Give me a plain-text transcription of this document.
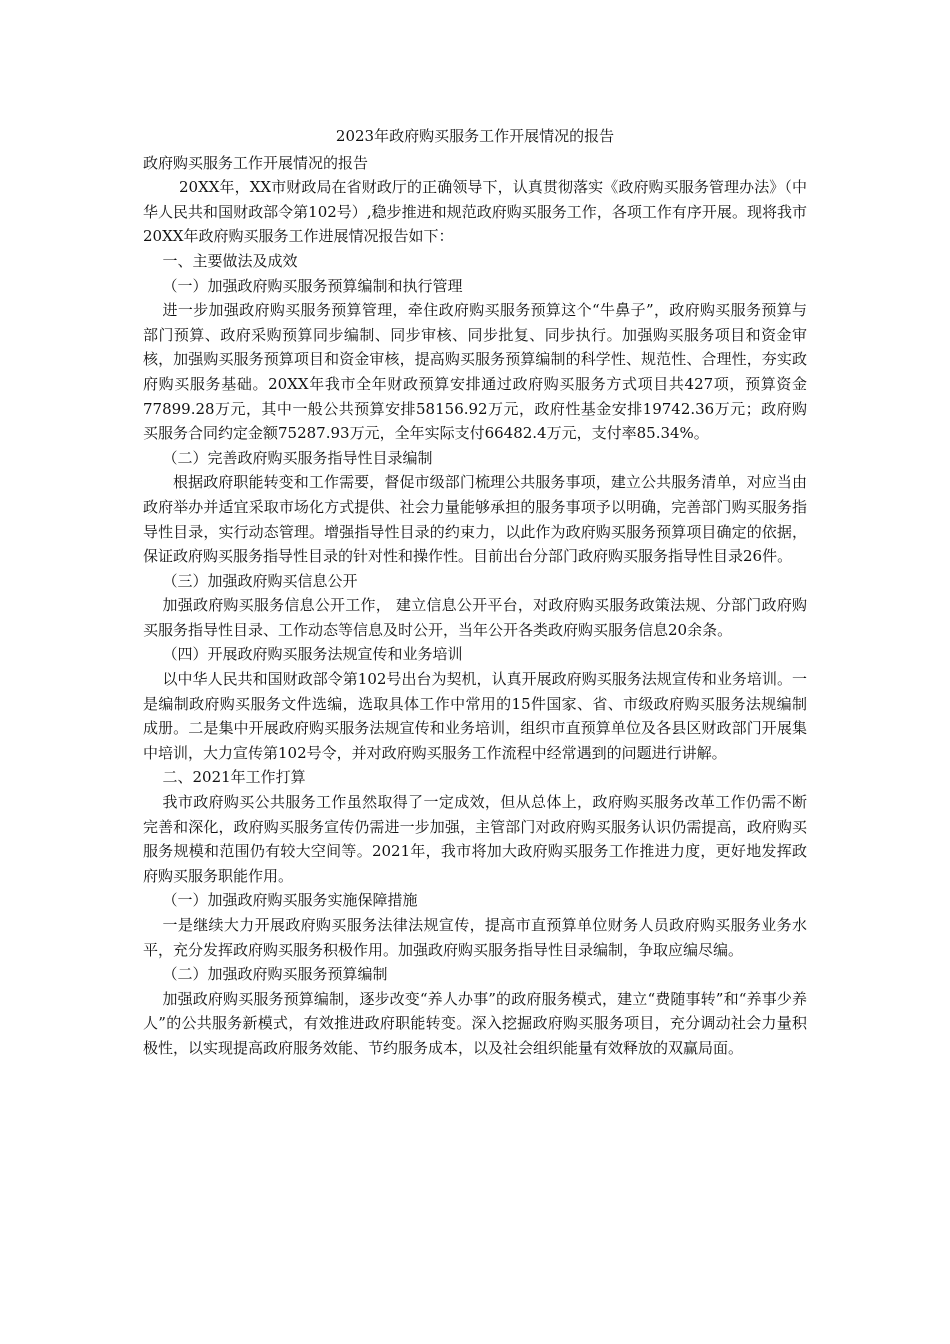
2023年政府购买服务工作开展情况的报告

政府购买服务工作开展情况的报告

20XX年，XX市财政局在省财政厅的正确领导下，认真贯彻落实《政府购买服务管理办法》（中华人民共和国财政部令第102号）,稳步推进和规范政府购买服务工作，各项工作有序开展。现将我市20XX年政府购买服务工作进展情况报告如下：

一、主要做法及成效

（一）加强政府购买服务预算编制和执行管理

进一步加强政府购买服务预算管理，牵住政府购买服务预算这个“牛鼻子”，政府购买服务预算与部门预算、政府采购预算同步编制、同步审核、同步批复、同步执行。加强购买服务项目和资金审核，加强购买服务预算项目和资金审核，提高购买服务预算编制的科学性、规范性、合理性，夯实政府购买服务基础。20XX年我市全年财政预算安排通过政府购买服务方式项目共427项，预算资金77899.28万元，其中一般公共预算安排58156.92万元，政府性基金安排19742.36万元；政府购买服务合同约定金额75287.93万元，全年实际支付66482.4万元，支付率85.34%。

（二）完善政府购买服务指导性目录编制

根据政府职能转变和工作需要，督促市级部门梳理公共服务事项，建立公共服务清单，对应当由政府举办并适宜采取市场化方式提供、社会力量能够承担的服务事项予以明确，完善部门购买服务指导性目录，实行动态管理。增强指导性目录的约束力，以此作为政府购买服务预算项目确定的依据，保证政府购买服务指导性目录的针对性和操作性。目前出台分部门政府购买服务指导性目录26件。

（三）加强政府购买信息公开

加强政府购买服务信息公开工作， 建立信息公开平台，对政府购买服务政策法规、分部门政府购买服务指导性目录、工作动态等信息及时公开，当年公开各类政府购买服务信息20余条。

（四）开展政府购买服务法规宣传和业务培训

以中华人民共和国财政部令第102号出台为契机，认真开展政府购买服务法规宣传和业务培训。一是编制政府购买服务文件选编，选取具体工作中常用的15件国家、省、市级政府购买服务法规编制成册。二是集中开展政府购买服务法规宣传和业务培训，组织市直预算单位及各县区财政部门开展集中培训，大力宣传第102号令，并对政府购买服务工作流程中经常遇到的问题进行讲解。

二、2021年工作打算

我市政府购买公共服务工作虽然取得了一定成效，但从总体上，政府购买服务改革工作仍需不断完善和深化，政府购买服务宣传仍需进一步加强，主管部门对政府购买服务认识仍需提高，政府购买服务规模和范围仍有较大空间等。2021年，我市将加大政府购买服务工作推进力度，更好地发挥政府购买服务职能作用。

（一）加强政府购买服务实施保障措施

一是继续大力开展政府购买服务法律法规宣传，提高市直预算单位财务人员政府购买服务业务水平，充分发挥政府购买服务积极作用。加强政府购买服务指导性目录编制，争取应编尽编。

（二）加强政府购买服务预算编制

加强政府购买服务预算编制，逐步改变“养人办事”的政府服务模式，建立“费随事转”和“养事少养人”的公共服务新模式，有效推进政府职能转变。深入挖掘政府购买服务项目，充分调动社会力量积极性，以实现提高政府服务效能、节约服务成本，以及社会组织能量有效释放的双赢局面。
